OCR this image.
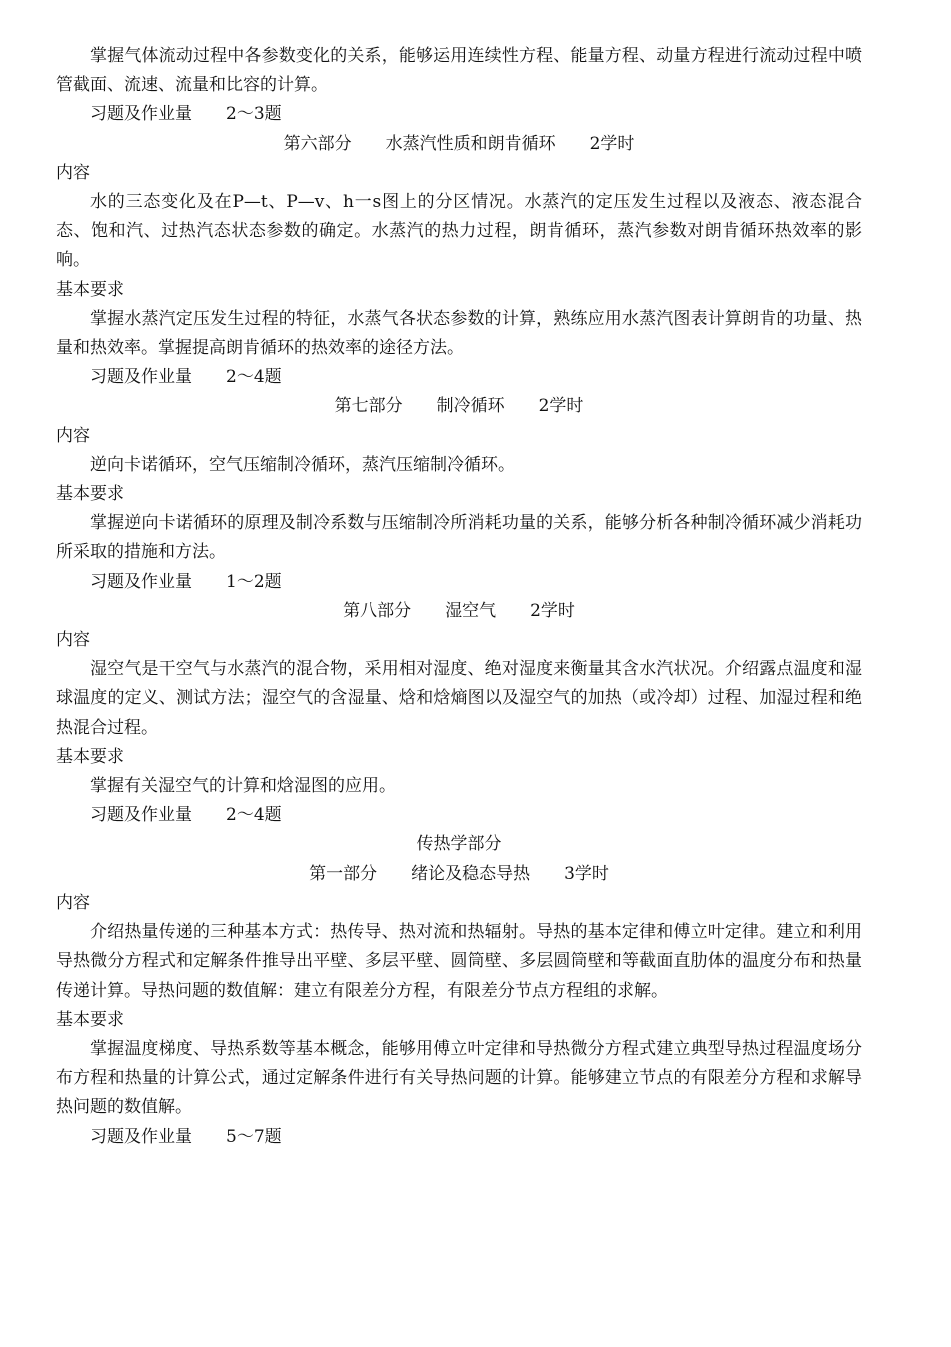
掌握气体流动过程中各参数变化的关系，能够运用连续性方程、能量方程、动量方程进行流动过程中喷管截面、流速、流量和比容的计算。

习题及作业量　　2～3题

第六部分　　水蒸汽性质和朗肯循环　　2学时

内容

水的三态变化及在P—t、P—v、h一s图上的分区情况。水蒸汽的定压发生过程以及液态、液态混合态、饱和汽、过热汽态状态参数的确定。水蒸汽的热力过程，朗肯循环，蒸汽参数对朗肯循环热效率的影响。

基本要求

掌握水蒸汽定压发生过程的特征，水蒸气各状态参数的计算，熟练应用水蒸汽图表计算朗肯的功量、热量和热效率。掌握提高朗肯循环的热效率的途径方法。

习题及作业量　　2～4题

第七部分　　制冷循环　　2学时

内容

逆向卡诺循环，空气压缩制冷循环，蒸汽压缩制冷循环。

基本要求

掌握逆向卡诺循环的原理及制冷系数与压缩制冷所消耗功量的关系，能够分析各种制冷循环减少消耗功所采取的措施和方法。

习题及作业量　　1～2题

第八部分　　湿空气　　2学时

内容

湿空气是干空气与水蒸汽的混合物，采用相对湿度、绝对湿度来衡量其含水汽状况。介绍露点温度和湿球温度的定义、测试方法；湿空气的含湿量、焓和焓熵图以及湿空气的加热（或冷却）过程、加湿过程和绝热混合过程。

基本要求

掌握有关湿空气的计算和焓湿图的应用。

习题及作业量　　2～4题

传热学部分

第一部分　　绪论及稳态导热　　3学时

内容

介绍热量传递的三种基本方式：热传导、热对流和热辐射。导热的基本定律和傅立叶定律。建立和利用导热微分方程式和定解条件推导出平壁、多层平壁、圆筒壁、多层圆筒壁和等截面直肋体的温度分布和热量传递计算。导热问题的数值解：建立有限差分方程，有限差分节点方程组的求解。

基本要求

掌握温度梯度、导热系数等基本概念，能够用傅立叶定律和导热微分方程式建立典型导热过程温度场分布方程和热量的计算公式，通过定解条件进行有关导热问题的计算。能够建立节点的有限差分方程和求解导热问题的数值解。

习题及作业量　　5～7题
